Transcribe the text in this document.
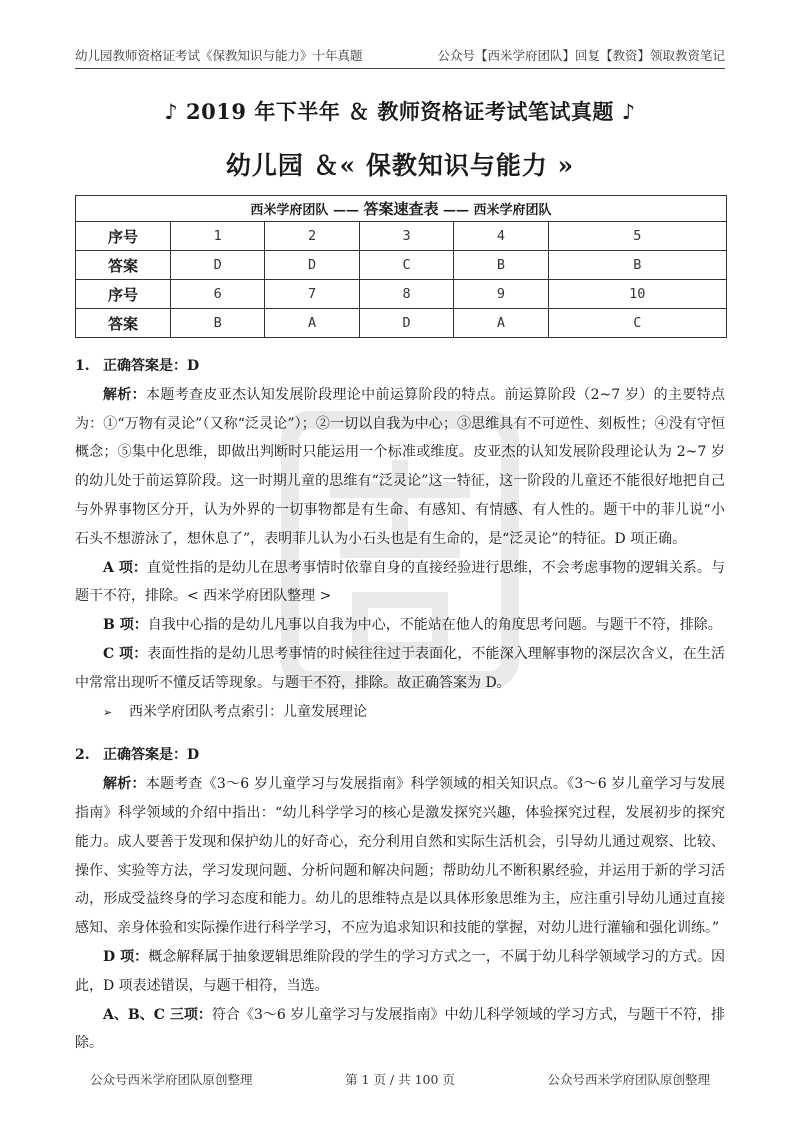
幼儿园教师资格证考试《保教知识与能力》十年真题	公众号【西米学府团队】回复【教资】领取教资笔记
♪ 2019 年下半年 ＆ 教师资格证考试笔试真题 ♪
幼儿园 ＆« 保教知识与能力 »
西米学府团队 —— 答案速查表 —— 西米学府团队					
序号	1	2	3	4	5
答案	D	D	C	B	B
序号	6	7	8	9	10
答案	B	A	D	A	C

1. 正确答案是：D

解析：本题考查皮亚杰认知发展阶段理论中前运算阶段的特点。前运算阶段（2~7 岁）的主要特点为：①“万物有灵论”（又称“泛灵论”）；②一切以自我为中心；③思维具有不可逆性、刻板性；④没有守恒概念；⑤集中化思维，即做出判断时只能运用一个标准或维度。皮亚杰的认知发展阶段理论认为 2~7 岁的幼儿处于前运算阶段。这一时期儿童的思维有“泛灵论”这一特征，这一阶段的儿童还不能很好地把自己与外界事物区分开，认为外界的一切事物都是有生命、有感知、有情感、有人性的。题干中的菲儿说“小石头不想游泳了，想休息了”，表明菲儿认为小石头也是有生命的，是“泛灵论”的特征。D 项正确。

A 项：直觉性指的是幼儿在思考事情时依靠自身的直接经验进行思维，不会考虑事物的逻辑关系。与题干不符，排除。< 西米学府团队整理 >

B 项：自我中心指的是幼儿凡事以自我为中心，不能站在他人的角度思考问题。与题干不符，排除。

C 项：表面性指的是幼儿思考事情的时候往往过于表面化，不能深入理解事物的深层次含义，在生活中常常出现听不懂反话等现象。与题干不符，排除。故正确答案为 D。

➢ 西米学府团队考点索引：儿童发展理论

2. 正确答案是：D

解析：本题考查《3～6 岁儿童学习与发展指南》科学领域的相关知识点。《3～6 岁儿童学习与发展指南》科学领域的介绍中指出：“幼儿科学学习的核心是激发探究兴趣，体验探究过程，发展初步的探究能力。成人要善于发现和保护幼儿的好奇心，充分利用自然和实际生活机会，引导幼儿通过观察、比较、操作、实验等方法，学习发现问题、分析问题和解决问题；帮助幼儿不断积累经验，并运用于新的学习活动，形成受益终身的学习态度和能力。幼儿的思维特点是以具体形象思维为主，应注重引导幼儿通过直接感知、亲身体验和实际操作进行科学学习，不应为追求知识和技能的掌握，对幼儿进行灌输和强化训练。”

D 项：概念解释属于抽象逻辑思维阶段的学生的学习方式之一，不属于幼儿科学领域学习的方式。因此，D 项表述错误，与题干相符，当选。

A、B、C 三项：符合《3～6 岁儿童学习与发展指南》中幼儿科学领域的学习方式，与题干不符，排除。

公众号西米学府团队原创整理	第 1 页 / 共 100 页	公众号西米学府团队原创整理
